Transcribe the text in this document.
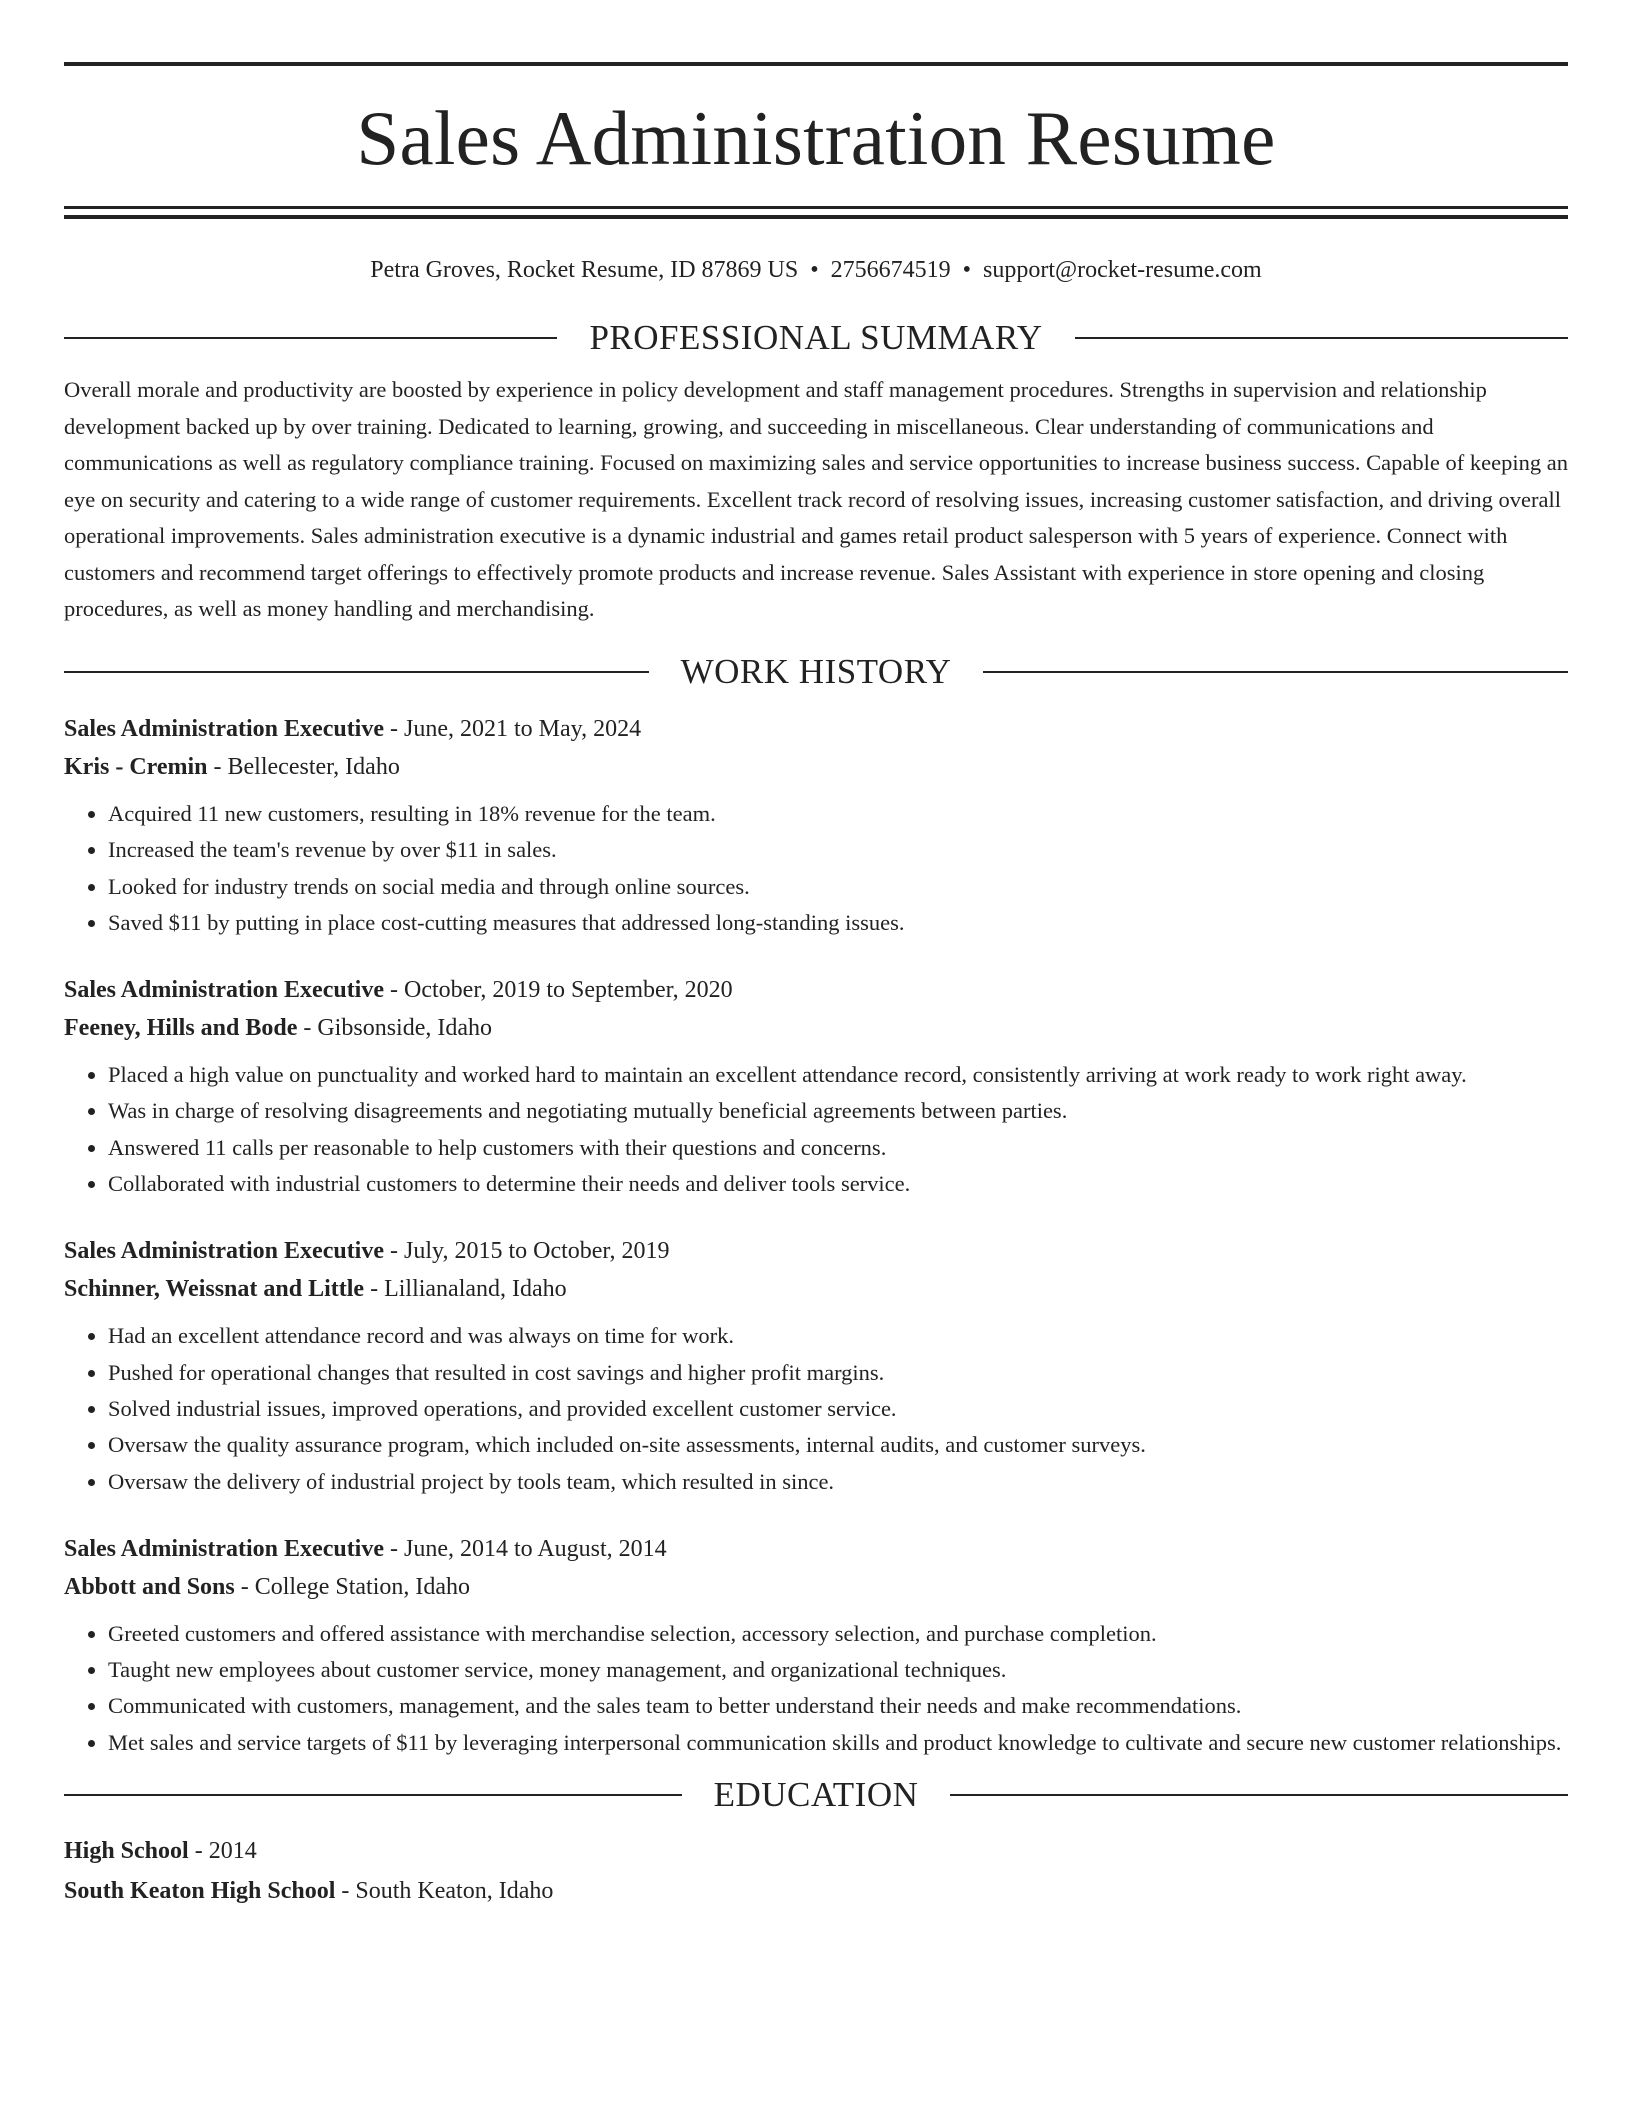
Sales Administration Resume
Petra Groves, Rocket Resume, ID 87869 US • 2756674519 • support@rocket-resume.com
PROFESSIONAL SUMMARY

Overall morale and productivity are boosted by experience in policy development and staff management procedures. Strengths in supervision and relationship development backed up by over training. Dedicated to learning, growing, and succeeding in miscellaneous. Clear understanding of communications and communications as well as regulatory compliance training. Focused on maximizing sales and service opportunities to increase business success. Capable of keeping an eye on security and catering to a wide range of customer requirements. Excellent track record of resolving issues, increasing customer satisfaction, and driving overall operational improvements. Sales administration executive is a dynamic industrial and games retail product salesperson with 5 years of experience. Connect with customers and recommend target offerings to effectively promote products and increase revenue. Sales Assistant with experience in store opening and closing procedures, as well as money handling and merchandising.

WORK HISTORY
Sales Administration Executive - June, 2021 to May, 2024
Kris - Cremin - Bellecester, Idaho
• Acquired 11 new customers, resulting in 18% revenue for the team.
• Increased the team's revenue by over $11 in sales.
• Looked for industry trends on social media and through online sources.
• Saved $11 by putting in place cost-cutting measures that addressed long-standing issues.
Sales Administration Executive - October, 2019 to September, 2020
Feeney, Hills and Bode - Gibsonside, Idaho
• Placed a high value on punctuality and worked hard to maintain an excellent attendance record, consistently arriving at work ready to work right away.
• Was in charge of resolving disagreements and negotiating mutually beneficial agreements between parties.
• Answered 11 calls per reasonable to help customers with their questions and concerns.
• Collaborated with industrial customers to determine their needs and deliver tools service.
Sales Administration Executive - July, 2015 to October, 2019
Schinner, Weissnat and Little - Lillianaland, Idaho
• Had an excellent attendance record and was always on time for work.
• Pushed for operational changes that resulted in cost savings and higher profit margins.
• Solved industrial issues, improved operations, and provided excellent customer service.
• Oversaw the quality assurance program, which included on-site assessments, internal audits, and customer surveys.
• Oversaw the delivery of industrial project by tools team, which resulted in since.
Sales Administration Executive - June, 2014 to August, 2014
Abbott and Sons - College Station, Idaho
• Greeted customers and offered assistance with merchandise selection, accessory selection, and purchase completion.
• Taught new employees about customer service, money management, and organizational techniques.
• Communicated with customers, management, and the sales team to better understand their needs and make recommendations.
• Met sales and service targets of $11 by leveraging interpersonal communication skills and product knowledge to cultivate and secure new customer relationships.
EDUCATION
High School - 2014
South Keaton High School - South Keaton, Idaho
